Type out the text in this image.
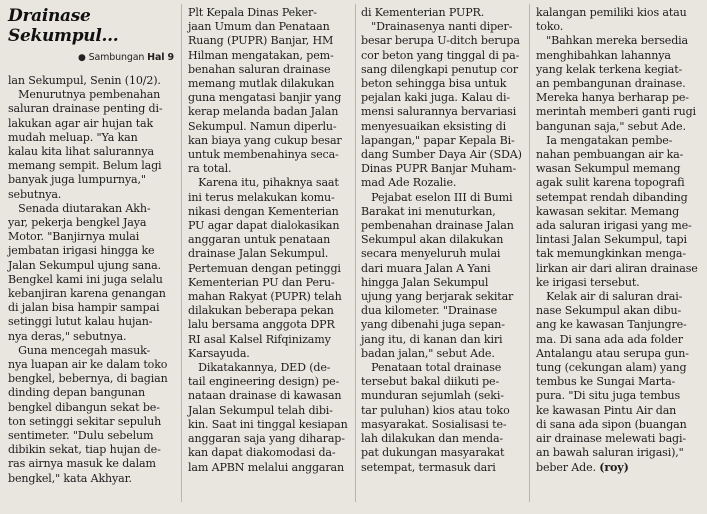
Drainase Sekumpul...
● Sambungan Hal 9

lan Sekumpul, Senin (10/2).

Menurutnya pembenahan

saluran drainase penting di-

lakukan agar air hujan tak

mudah meluap. "Ya kan

kalau kita lihat salurannya

memang sempit. Belum lagi

banyak juga lumpurnya,"

sebutnya.

Senada diutarakan Akh-

yar, pekerja bengkel Jaya

Motor. "Banjirnya mulai

jembatan irigasi hingga ke

Jalan Sekumpul ujung sana.

Bengkel kami ini juga selalu

kebanjiran karena genangan

di jalan bisa hampir sampai

setinggi lutut kalau hujan-

nya deras," sebutnya.

Guna mencegah masuk-

nya luapan air ke dalam toko

bengkel, bebernya, di bagian

dinding depan bangunan

bengkel dibangun sekat be-

ton setinggi sekitar sepuluh

sentimeter. "Dulu sebelum

dibikin sekat, tiap hujan de-

ras airnya masuk ke dalam

bengkel," kata Akhyar.

Plt Kepala Dinas Peker-

jaan Umum dan Penataan

Ruang (PUPR) Banjar, HM

Hilman mengatakan, pem-

benahan saluran drainase

memang mutlak dilakukan

guna mengatasi banjir yang

kerap melanda badan Jalan

Sekumpul. Namun diperlu-

kan biaya yang cukup besar

untuk membenahinya seca-

ra total.

Karena itu, pihaknya saat

ini terus melakukan komu-

nikasi dengan Kementerian

PU agar dapat dialokasikan

anggaran untuk penataan

drainase Jalan Sekumpul.

Pertemuan dengan petinggi

Kementerian PU dan Peru-

mahan Rakyat (PUPR) telah

dilakukan beberapa pekan

lalu bersama anggota DPR

RI asal Kalsel Rifqinizamy

Karsayuda.

Dikatakannya, DED (de-

tail engineering design) pe-

nataan drainase di kawasan

Jalan Sekumpul telah dibi-

kin. Saat ini tinggal kesiapan

anggaran saja yang diharap-

kan dapat diakomodasi da-

lam APBN melalui anggaran

di Kementerian PUPR.

"Drainasenya nanti diper-

besar berupa U-ditch berupa

cor beton yang tinggal di pa-

sang dilengkapi penutup cor

beton sehingga bisa untuk

pejalan kaki juga. Kalau di-

mensi salurannya bervariasi

menyesuaikan eksisting di

lapangan," papar Kepala Bi-

dang Sumber Daya Air (SDA)

Dinas PUPR Banjar Muham-

mad Ade Rozalie.

Pejabat eselon III di Bumi

Barakat ini menuturkan,

pembenahan drainase Jalan

Sekumpul akan dilakukan

secara menyeluruh mulai

dari muara Jalan A Yani

hingga Jalan Sekumpul

ujung yang berjarak sekitar

dua kilometer. "Drainase

yang dibenahi juga sepan-

jang itu, di kanan dan kiri

badan jalan," sebut Ade.

Penataan total drainase

tersebut bakal diikuti pe-

munduran sejumlah (seki-

tar puluhan) kios atau toko

masyarakat. Sosialisasi te-

lah dilakukan dan menda-

pat dukungan masyarakat

setempat, termasuk dari

kalangan pemiliki kios atau

toko.

"Bahkan mereka bersedia

menghibahkan lahannya

yang kelak terkena kegiat-

an pembangunan drainase.

Mereka hanya berharap pe-

merintah memberi ganti rugi

bangunan saja," sebut Ade.

Ia mengatakan pembe-

nahan pembuangan air ka-

wasan Sekumpul memang

agak sulit karena topografi

setempat rendah dibanding

kawasan sekitar. Memang

ada saluran irigasi yang me-

lintasi Jalan Sekumpul, tapi

tak memungkinkan menga-

lirkan air dari aliran drainase

ke irigasi tersebut.

Kelak air di saluran drai-

nase Sekumpul akan dibu-

ang ke kawasan Tanjungre-

ma. Di sana ada ada folder

Antalangu atau serupa gun-

tung (cekungan alam) yang

tembus ke Sungai Marta-

pura. "Di situ juga tembus

ke kawasan Pintu Air dan

di sana ada sipon (buangan

air drainase melewati bagi-

an bawah saluran irigasi),"

beber Ade. (roy)
